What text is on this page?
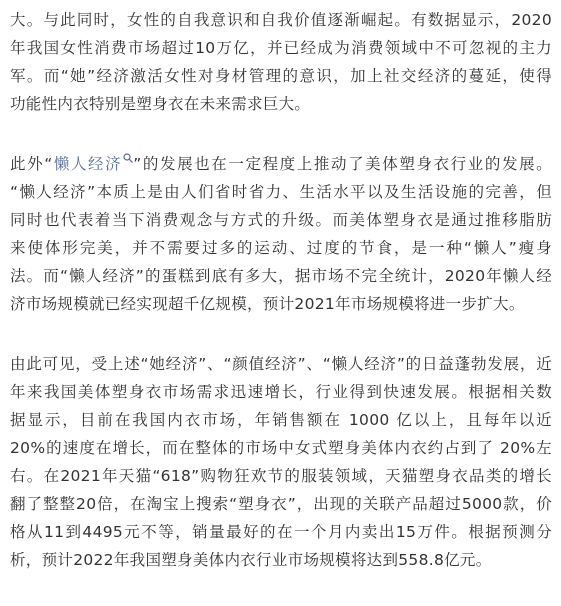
大。与此同时，女性的自我意识和自我价值逐渐崛起。有数据显示，2020
年我国女性消费市场超过10万亿，并已经成为消费领域中不可忽视的主力
军。而“她”经济激活女性对身材管理的意识，加上社交经济的蔓延，使得
功能性内衣特别是塑身衣在未来需求巨大。
此外“懒人经济 ”的发展也在一定程度上推动了美体塑身衣行业的发展。
“懒人经济”本质上是由人们省时省力、生活水平以及生活设施的完善，但
同时也代表着当下消费观念与方式的升级。而美体塑身衣是通过推移脂肪
来使体形完美，并不需要过多的运动、过度的节食，是一种“懒人”瘦身
法。而“懒人经济”的蛋糕到底有多大，据市场不完全统计，2020年懒人经
济市场规模就已经实现超千亿规模，预计2021年市场规模将进一步扩大。
由此可见，受上述“她经济”、“颜值经济”、“懒人经济”的日益蓬勃发展，近
年来我国美体塑身衣市场需求迅速增长，行业得到快速发展。根据相关数
据显示，目前在我国内衣市场，年销售额在 1000 亿以上，且每年以近
20%的速度在增长，而在整体的市场中女式塑身美体内衣约占到了 20%左
右。在2021年天猫“618”购物狂欢节的服装领域，天猫塑身衣品类的增长
翻了整整20倍，在淘宝上搜索“塑身衣”，出现的关联产品超过5000款，价
格从11到4495元不等，销量最好的在一个月内卖出15万件。根据预测分
析，预计2022年我国塑身美体内衣行业市场规模将达到558.8亿元。
